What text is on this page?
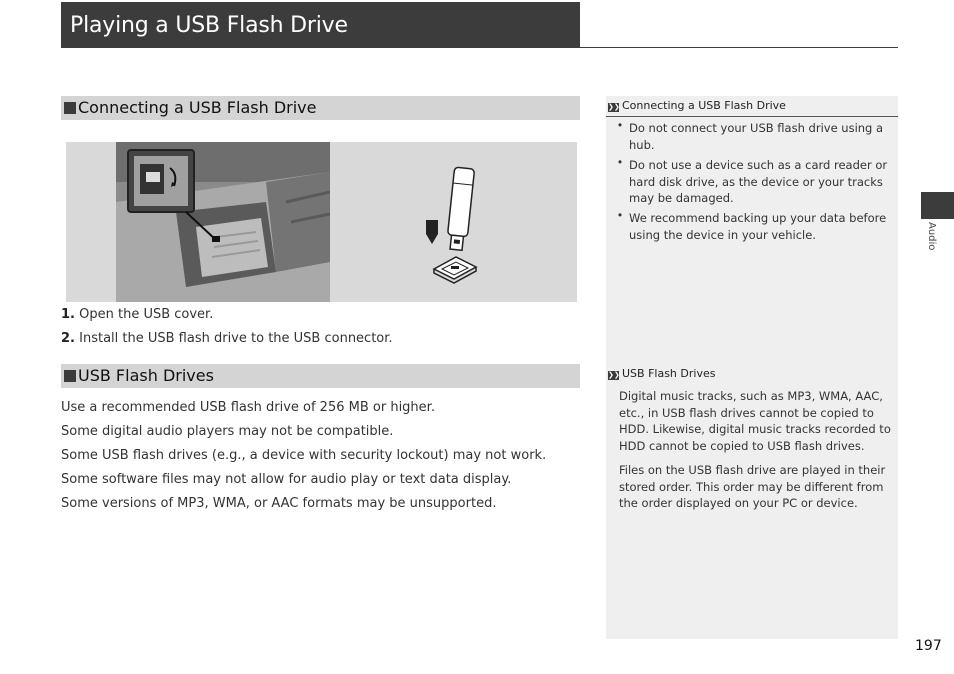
Playing a USB Flash Drive
Connecting a USB Flash Drive
1. Open the USB cover.
2. Install the USB flash drive to the USB connector.
USB Flash Drives
Use a recommended USB flash drive of 256 MB or higher.
Some digital audio players may not be compatible.
Some USB flash drives (e.g., a device with security lockout) may not work.
Some software files may not allow for audio play or text data display.
Some versions of MP3, WMA, or AAC formats may be unsupported.
❯❯ Connecting a USB Flash Drive
• Do not connect your USB flash drive using a
hub.
• Do not use a device such as a card reader or
hard disk drive, as the device or your tracks
may be damaged.
• We recommend backing up your data before
using the device in your vehicle.
❯❯ USB Flash Drives
Digital music tracks, such as MP3, WMA, AAC,
etc., in USB flash drives cannot be copied to
HDD. Likewise, digital music tracks recorded to
HDD cannot be copied to USB flash drives.
Files on the USB flash drive are played in their
stored order. This order may be different from
the order displayed on your PC or device.
Audio
197
